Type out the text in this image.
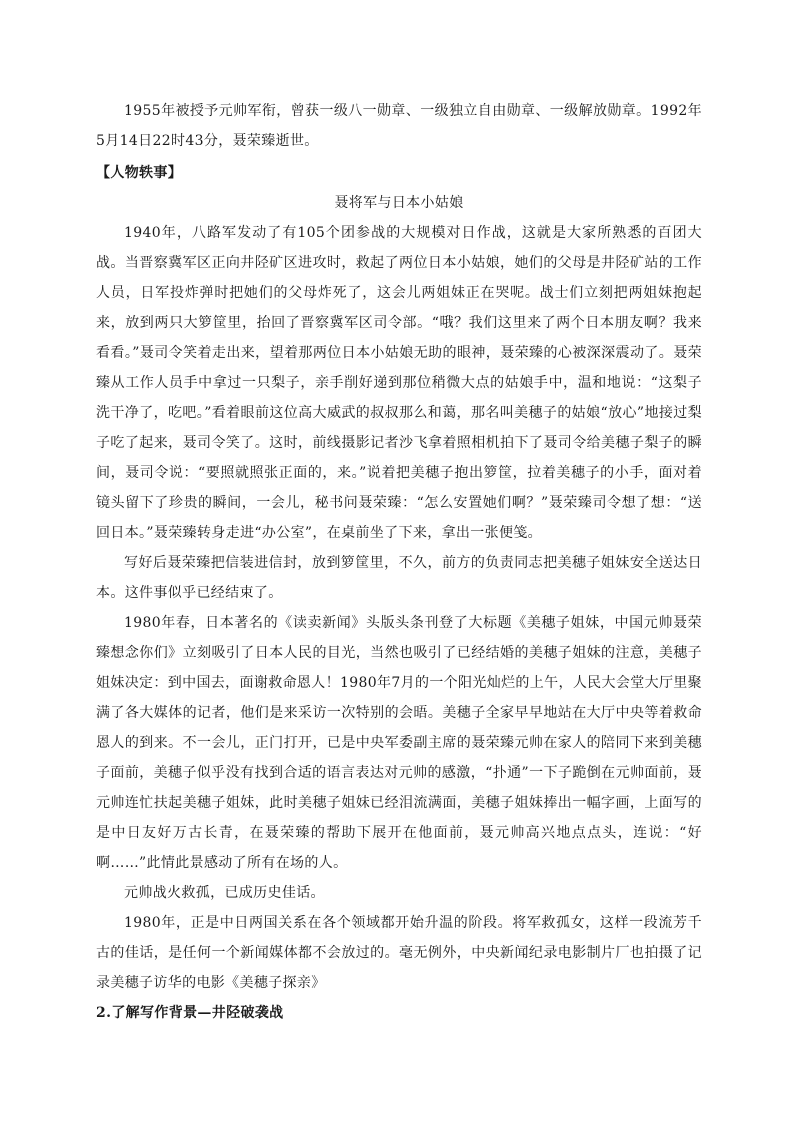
1955年被授予元帅军衔，曾获一级八一勋章、一级独立自由勋章、一级解放勋章。1992年5月14日22时43分，聂荣臻逝世。

【人物轶事】

聂将军与日本小姑娘

1940年，八路军发动了有105个团参战的大规模对日作战，这就是大家所熟悉的百团大战。当晋察冀军区正向井陉矿区进攻时，救起了两位日本小姑娘，她们的父母是井陉矿站的工作人员，日军投炸弹时把她们的父母炸死了，这会儿两姐妹正在哭呢。战士们立刻把两姐妹抱起来，放到两只大箩筐里，抬回了晋察冀军区司令部。“哦？我们这里来了两个日本朋友啊？我来看看。”聂司令笑着走出来，望着那两位日本小姑娘无助的眼神，聂荣臻的心被深深震动了。聂荣臻从工作人员手中拿过一只梨子，亲手削好递到那位稍微大点的姑娘手中，温和地说：“这梨子洗干净了，吃吧。”看着眼前这位高大威武的叔叔那么和蔼，那名叫美穗子的姑娘“放心”地接过梨子吃了起来，聂司令笑了。这时，前线摄影记者沙飞拿着照相机拍下了聂司令给美穗子梨子的瞬间，聂司令说：“要照就照张正面的，来。”说着把美穗子抱出箩筐，拉着美穗子的小手，面对着镜头留下了珍贵的瞬间，一会儿，秘书问聂荣臻：“怎么安置她们啊？”聂荣臻司令想了想：“送回日本。”聂荣臻转身走进“办公室”，在桌前坐了下来，拿出一张便笺。

写好后聂荣臻把信装进信封，放到箩筐里，不久，前方的负责同志把美穗子姐妹安全送达日本。这件事似乎已经结束了。

1980年春，日本著名的《读卖新闻》头版头条刊登了大标题《美穗子姐妹，中国元帅聂荣臻想念你们》立刻吸引了日本人民的目光，当然也吸引了已经结婚的美穗子姐妹的注意，美穗子姐妹决定：到中国去，面谢救命恩人！1980年7月的一个阳光灿烂的上午，人民大会堂大厅里聚满了各大媒体的记者，他们是来采访一次特别的会晤。美穗子全家早早地站在大厅中央等着救命恩人的到来。不一会儿，正门打开，已是中央军委副主席的聂荣臻元帅在家人的陪同下来到美穗子面前，美穗子似乎没有找到合适的语言表达对元帅的感激，“扑通”一下子跪倒在元帅面前，聂元帅连忙扶起美穗子姐妹，此时美穗子姐妹已经泪流满面，美穗子姐妹捧出一幅字画，上面写的是中日友好万古长青，在聂荣臻的帮助下展开在他面前，聂元帅高兴地点点头，连说：“好啊……”此情此景感动了所有在场的人。

元帅战火救孤，已成历史佳话。

1980年，正是中日两国关系在各个领域都开始升温的阶段。将军救孤女，这样一段流芳千古的佳话，是任何一个新闻媒体都不会放过的。毫无例外，中央新闻纪录电影制片厂也拍摄了记录美穗子访华的电影《美穗子探亲》

2.了解写作背景—井陉破袭战
